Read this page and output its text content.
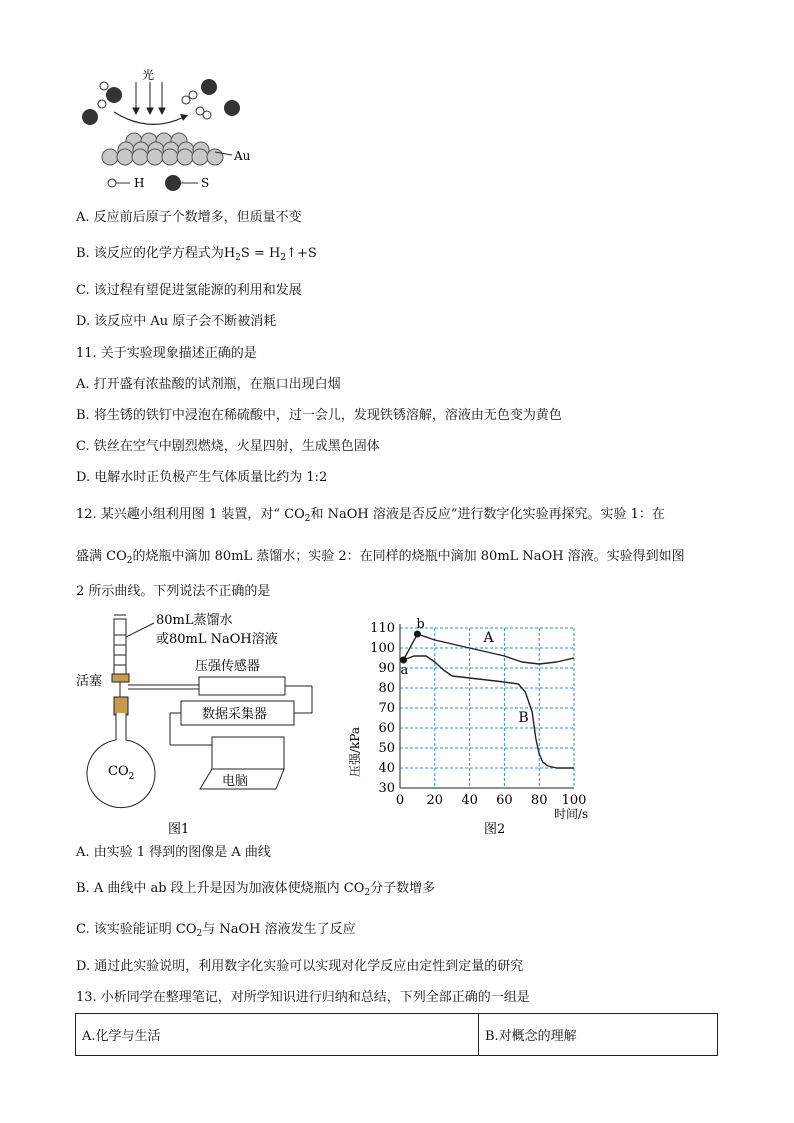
光
Au
H	S
A. 反应前后原子个数增多，但质量不变
B. 该反应的化学方程式为$H_2S$ = $H_2↑+S$
C. 该过程有望促进氢能源的利用和发展
D. 该反应中 Au 原子会不断被消耗
11. 关于实验现象描述正确的是
A. 打开盛有浓盐酸的试剂瓶，在瓶口出现白烟
B. 将生锈的铁钉中浸泡在稀硫酸中，过一会儿，发现铁锈溶解，溶液由无色变为黄色
C. 铁丝在空气中剧烈燃烧，火星四射，生成黑色固体
D. 电解水时正负极产生气体质量比约为 1:2
12. 某兴趣小组利用图 1 装置，对“ $CO_2$和 NaOH 溶液是否反应”进行数字化实验再探究。实验 1：在
盛满 $CO_2$的烧瓶中滴加 80mL 蒸馏水；实验 2：在同样的烧瓶中滴加 80mL NaOH 溶液。实验得到如图
2 所示曲线。下列说法不正确的是
80mL蒸馏水
或80mL NaOH溶液
活塞
$CO_2$
压强传感器
数据采集器
电脑
图1
30
40
50
60
70
80
90
100
110
0 20 40 60 80 100
A
B
a
b
压强/kPa
时间/s
图2
A. 由实验 1 得到的图像是 A 曲线
B. A 曲线中 ab 段上升是因为加液体使烧瓶内 $CO_2$分子数增多
C. 该实验能证明 $CO_2$与 NaOH 溶液发生了反应
D. 通过此实验说明，利用数字化实验可以实现对化学反应由定性到定量的研究
13. 小析同学在整理笔记，对所学知识进行归纳和总结，下列全部正确的一组是
A.化学与生活	B.对概念的理解
